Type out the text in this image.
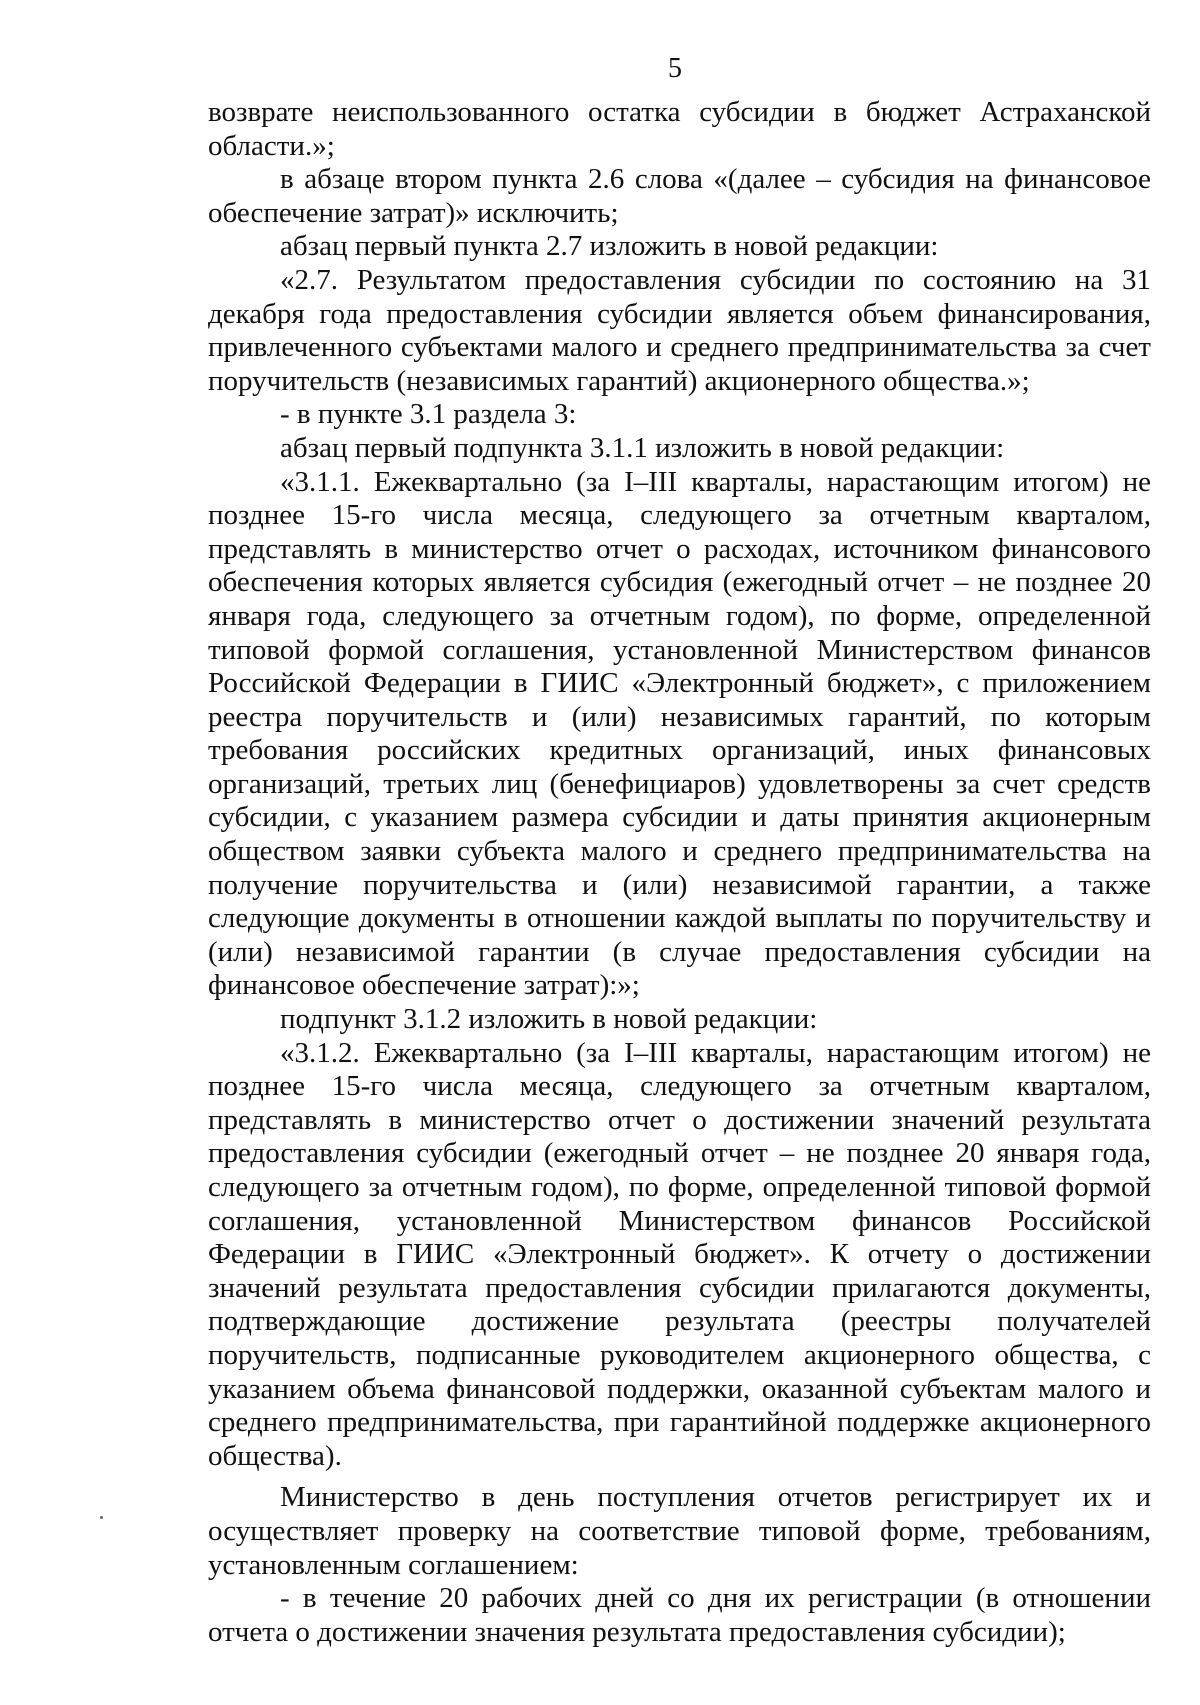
5

возврате неиспользованного остатка субсидии в бюджет Астраханской области.»;

в абзаце втором пункта 2.6 слова «(далее – субсидия на финансовое обеспечение затрат)» исключить;

абзац первый пункта 2.7 изложить в новой редакции:

«2.7. Результатом предоставления субсидии по состоянию на 31 декабря года предоставления субсидии является объем финансирования, привлеченного субъектами малого и среднего предпринимательства за счет поручительств (независимых гарантий) акционерного общества.»;

- в пункте 3.1 раздела 3:

абзац первый подпункта 3.1.1 изложить в новой редакции:

«3.1.1. Ежеквартально (за I–III кварталы, нарастающим итогом) не позднее 15-го числа месяца, следующего за отчетным кварталом, представлять в министерство отчет о расходах, источником финансового обеспечения которых является субсидия (ежегодный отчет – не позднее 20 января года, следующего за отчетным годом), по форме, определенной типовой формой соглашения, установленной Министерством финансов Российской Федерации в ГИИС «Электронный бюджет», с приложением реестра поручительств и (или) независимых гарантий, по которым требования российских кредитных организаций, иных финансовых организаций, третьих лиц (бенефициаров) удовлетворены за счет средств субсидии, с указанием размера субсидии и даты принятия акционерным обществом заявки субъекта малого и среднего предпринимательства на получение поручительства и (или) независимой гарантии, а также следующие документы в отношении каждой выплаты по поручительству и (или) независимой гарантии (в случае предоставления субсидии на финансовое обеспечение затрат):»;

подпункт 3.1.2 изложить в новой редакции:

«3.1.2. Ежеквартально (за I–III кварталы, нарастающим итогом) не позднее 15-го числа месяца, следующего за отчетным кварталом, представлять в министерство отчет о достижении значений результата предоставления субсидии (ежегодный отчет – не позднее 20 января года, следующего за отчетным годом), по форме, определенной типовой формой соглашения, установленной Министерством финансов Российской Федерации в ГИИС «Электронный бюджет». К отчету о достижении значений результата предоставления субсидии прилагаются документы, подтверждающие достижение результата (реестры получателей поручительств, подписанные руководителем акционерного общества, с указанием объема финансовой поддержки, оказанной субъектам малого и среднего предпринимательства, при гарантийной поддержке акционерного общества).

Министерство в день поступления отчетов регистрирует их и осуществляет проверку на соответствие типовой форме, требованиям, установленным соглашением:

- в течение 20 рабочих дней со дня их регистрации (в отношении отчета о достижении значения результата предоставления субсидии);
